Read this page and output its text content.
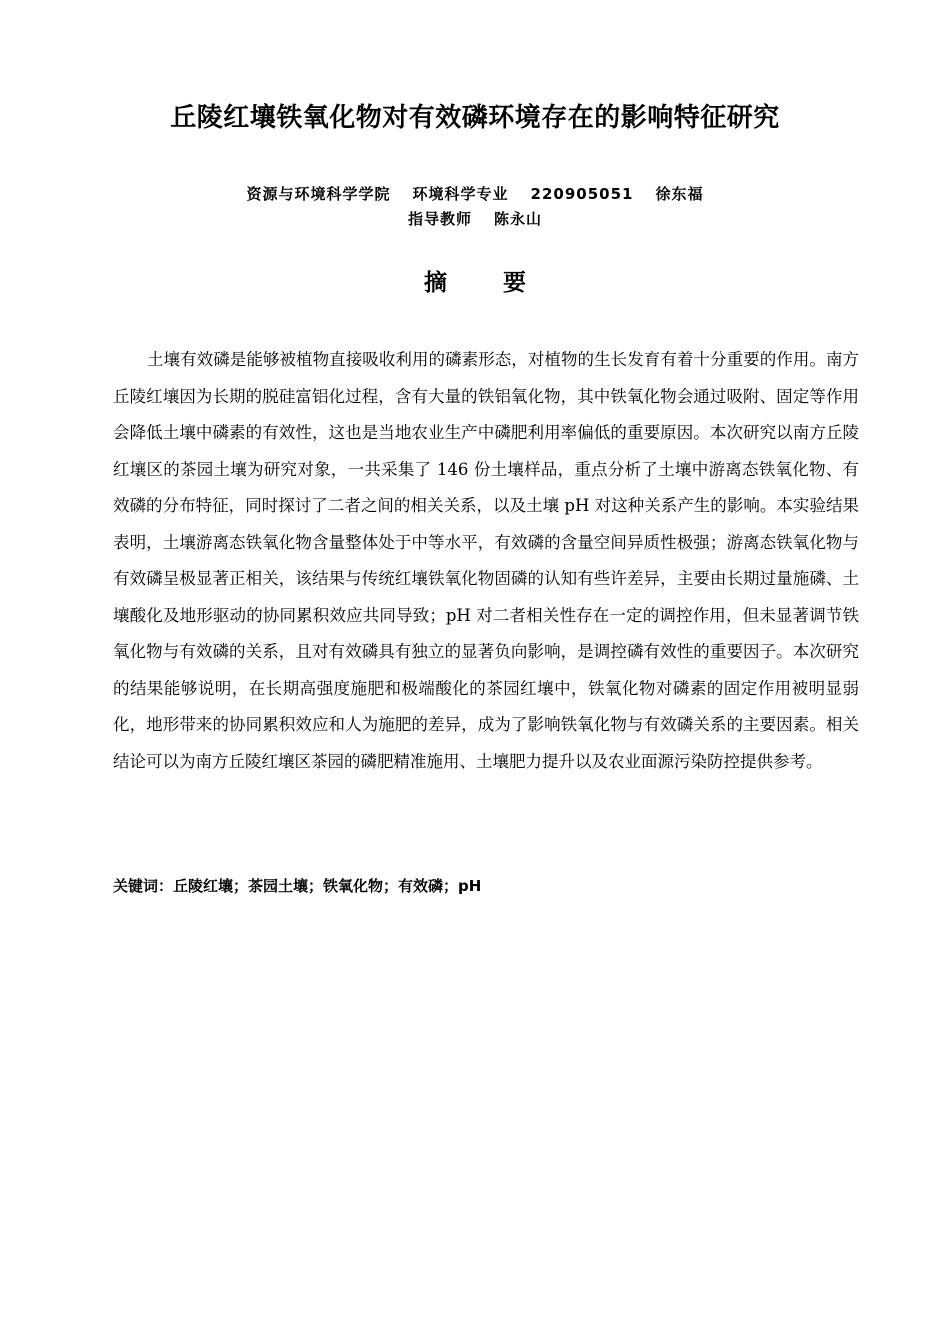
丘陵红壤铁氧化物对有效磷环境存在的影响特征研究
资源与环境科学学院 环境科学专业 220905051 徐东福
指导教师 陈永山
摘 要

土壤有效磷是能够被植物直接吸收利用的磷素形态，对植物的生长发育有着十分重要的作用。南方丘陵红壤因为长期的脱硅富铝化过程，含有大量的铁铝氧化物，其中铁氧化物会通过吸附、固定等作用会降低土壤中磷素的有效性，这也是当地农业生产中磷肥利用率偏低的重要原因。本次研究以南方丘陵红壤区的茶园土壤为研究对象，一共采集了 146 份土壤样品，重点分析了土壤中游离态铁氧化物、有效磷的分布特征，同时探讨了二者之间的相关关系，以及土壤 pH 对这种关系产生的影响。本实验结果表明，土壤游离态铁氧化物含量整体处于中等水平，有效磷的含量空间异质性极强；游离态铁氧化物与有效磷呈极显著正相关，该结果与传统红壤铁氧化物固磷的认知有些许差异，主要由长期过量施磷、土壤酸化及地形驱动的协同累积效应共同导致；pH 对二者相关性存在一定的调控作用，但未显著调节铁氧化物与有效磷的关系，且对有效磷具有独立的显著负向影响，是调控磷有效性的重要因子。本次研究的结果能够说明，在长期高强度施肥和极端酸化的茶园红壤中，铁氧化物对磷素的固定作用被明显弱化，地形带来的协同累积效应和人为施肥的差异，成为了影响铁氧化物与有效磷关系的主要因素。相关结论可以为南方丘陵红壤区茶园的磷肥精准施用、土壤肥力提升以及农业面源污染防控提供参考。

关键词：丘陵红壤；茶园土壤；铁氧化物；有效磷；pH
